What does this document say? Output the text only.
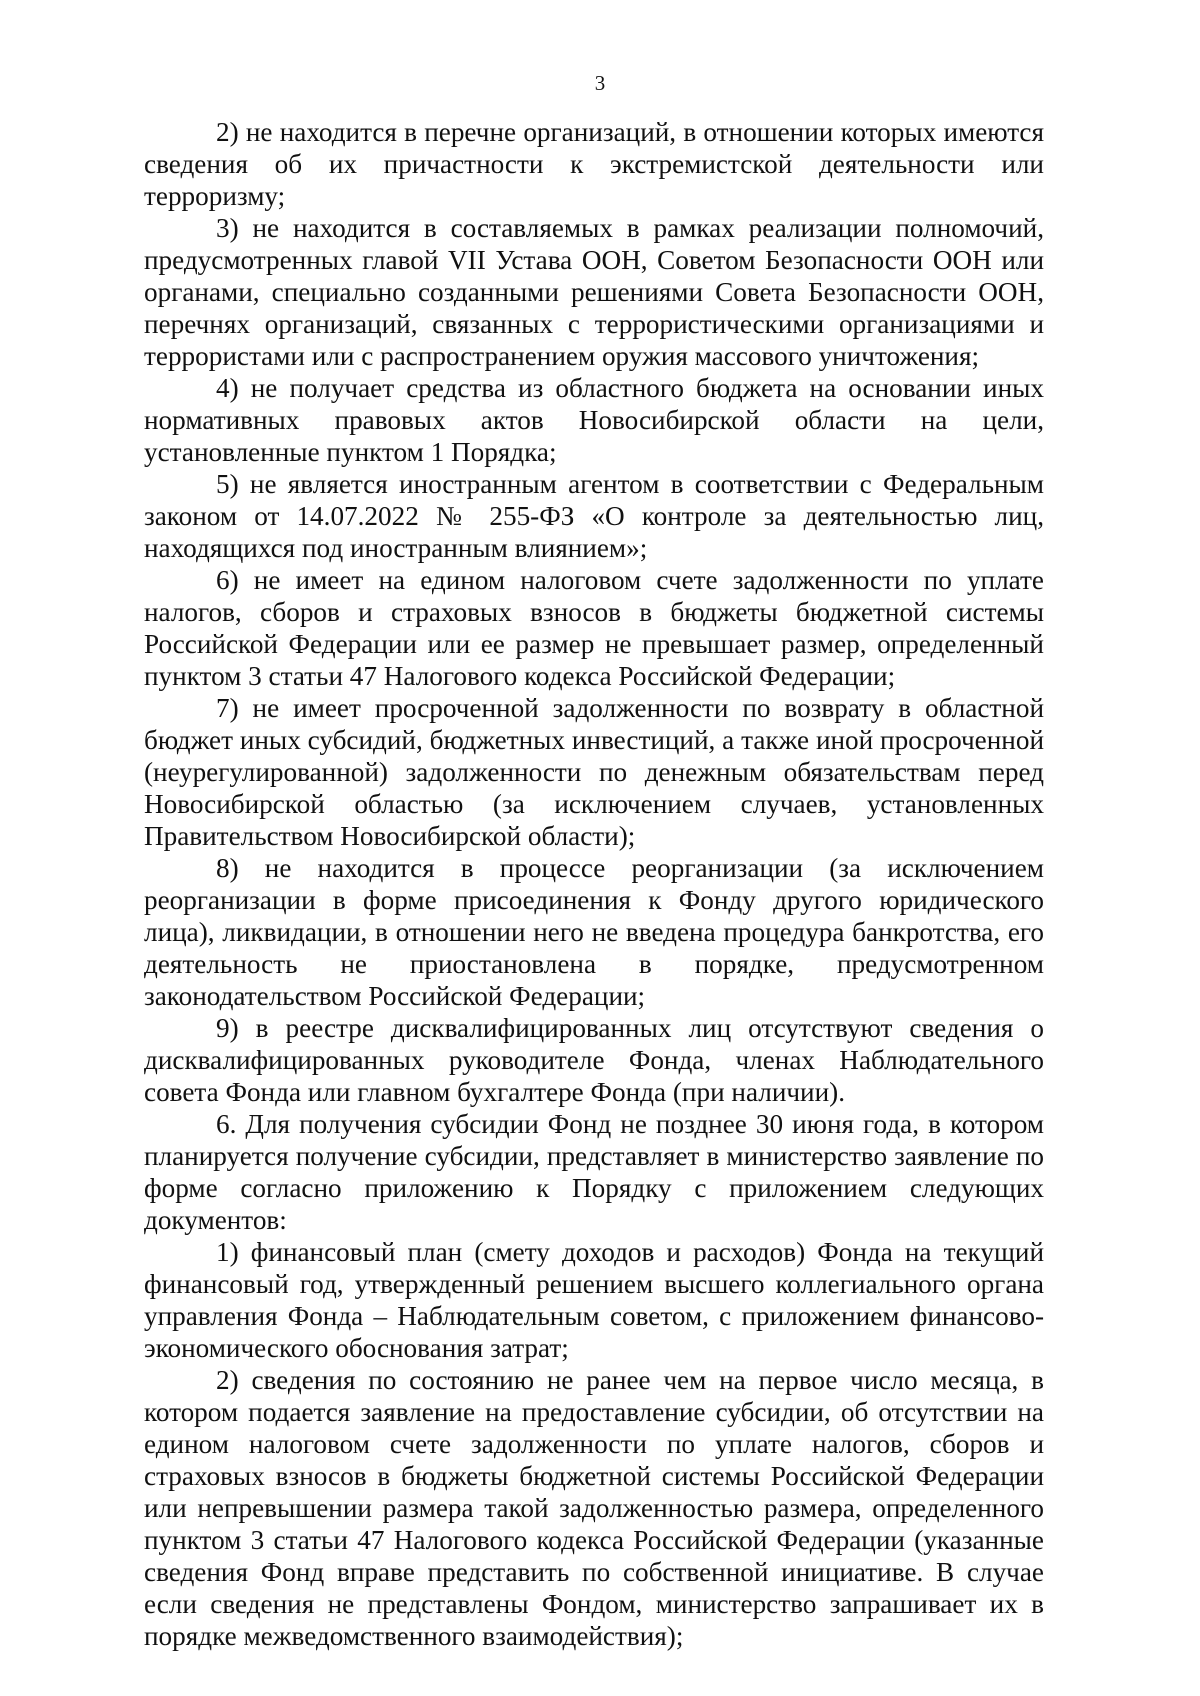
3

2) не находится в перечне организаций, в отношении которых имеются сведения об их причастности к экстремистской деятельности или терроризму;

3) не находится в составляемых в рамках реализации полномочий, предусмотренных главой VII Устава ООН, Советом Безопасности ООН или органами, специально созданными решениями Совета Безопасности ООН, перечнях организаций, связанных с террористическими организациями и террористами или с распространением оружия массового уничтожения;

4) не получает средства из областного бюджета на основании иных нормативных правовых актов Новосибирской области на цели, установленные пунктом 1 Порядка;

5) не является иностранным агентом в соответствии с Федеральным законом от 14.07.2022 № 255-ФЗ «О контроле за деятельностью лиц, находящихся под иностранным влиянием»;

6) не имеет на едином налоговом счете задолженности по уплате налогов, сборов и страховых взносов в бюджеты бюджетной системы Российской Федерации или ее размер не превышает размер, определенный пунктом 3 статьи 47 Налогового кодекса Российской Федерации;

7) не имеет просроченной задолженности по возврату в областной бюджет иных субсидий, бюджетных инвестиций, а также иной просроченной (неурегулированной) задолженности по денежным обязательствам перед Новосибирской областью (за исключением случаев, установленных Правительством Новосибирской области);

8) не находится в процессе реорганизации (за исключением реорганизации в форме присоединения к Фонду другого юридического лица), ликвидации, в отношении него не введена процедура банкротства, его деятельность не приостановлена в порядке, предусмотренном законодательством Российской Федерации;

9) в реестре дисквалифицированных лиц отсутствуют сведения о дисквалифицированных руководителе Фонда, членах Наблюдательного совета Фонда или главном бухгалтере Фонда (при наличии).

6. Для получения субсидии Фонд не позднее 30 июня года, в котором планируется получение субсидии, представляет в министерство заявление по форме согласно приложению к Порядку с приложением следующих документов:

1) финансовый план (смету доходов и расходов) Фонда на текущий финансовый год, утвержденный решением высшего коллегиального органа управления Фонда – Наблюдательным советом, с приложением финансово-экономического обоснования затрат;

2) сведения по состоянию не ранее чем на первое число месяца, в котором подается заявление на предоставление субсидии, об отсутствии на едином налоговом счете задолженности по уплате налогов, сборов и страховых взносов в бюджеты бюджетной системы Российской Федерации или непревышении размера такой задолженностью размера, определенного пунктом 3 статьи 47 Налогового кодекса Российской Федерации (указанные сведения Фонд вправе представить по собственной инициативе. В случае если сведения не представлены Фондом, министерство запрашивает их в порядке межведомственного взаимодействия);
